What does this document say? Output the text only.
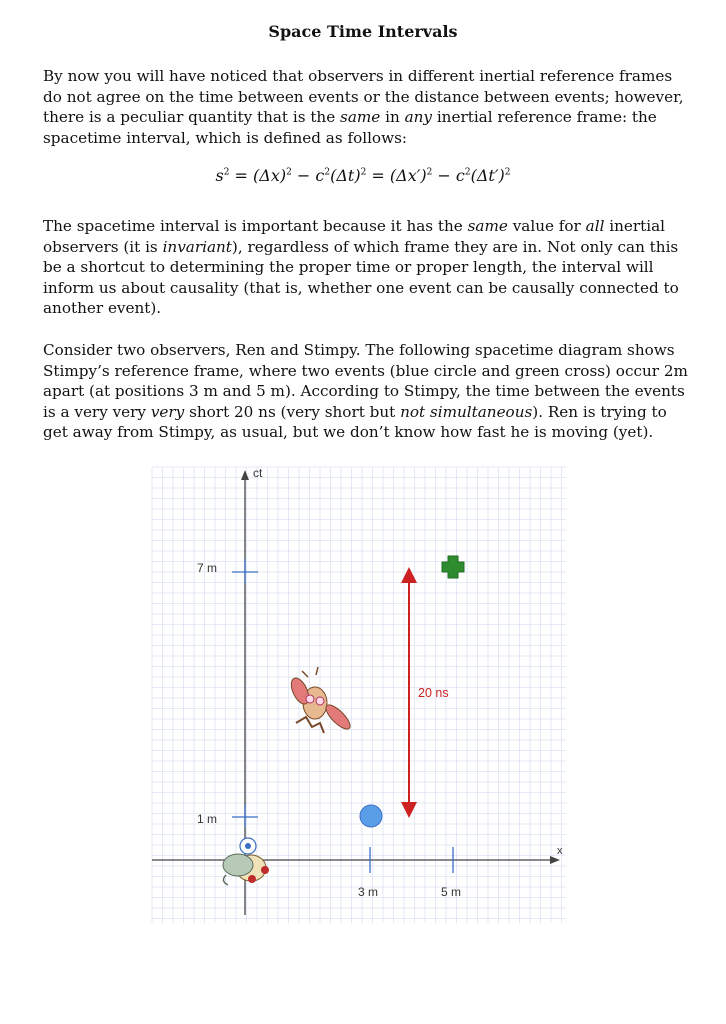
Space Time Intervals

By now you will have noticed that observers in different inertial reference frames do not agree on the time between events or the distance between events; however, there is a peculiar quantity that is the same in any inertial reference frame: the spacetime interval, which is defined as follows:

$s^2 = (\Delta x)^2 - c^2(\Delta t)^2 = (\Delta x')^2 - c^2(\Delta t')^2$

The spacetime interval is important because it has the same value for all inertial observers (it is invariant), regardless of which frame they are in. Not only can this be a shortcut to determining the proper time or proper length, the interval will inform us about causality (that is, whether one event can be causally connected to another event).

Consider two observers, Ren and Stimpy. The following spacetime diagram shows Stimpy’s reference frame, where two events (blue circle and green cross) occur 2m apart (at positions 3 m and 5 m). According to Stimpy, the time between the events is a very very very short 20 ns (very short but not simultaneous). Ren is trying to get away from Stimpy, as usual, but we don’t know how fast he is moving (yet).

ct
x
7 m
1 m
3 m	5 m
20 ns
